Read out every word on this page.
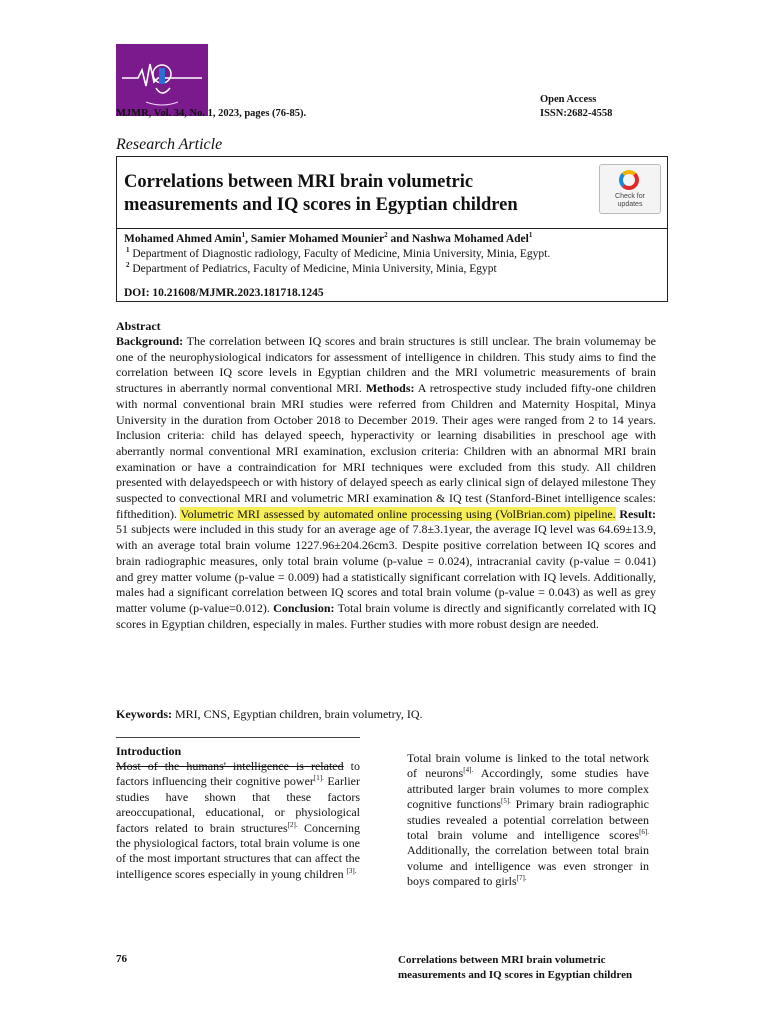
MJMR, Vol. 34, No. 1, 2023, pages (76-85).
Open Access
ISSN:2682-4558
Research Article
Correlations between MRI brain volumetric measurements and IQ scores in Egyptian children	Check for
updates
Mohamed Ahmed Amin$^1$, Samier Mohamed Mounier$^2$ and Nashwa Mohamed Adel$^1$
$^1$ Department of Diagnostic radiology, Faculty of Medicine, Minia University, Minia, Egypt.
$^2$ Department of Pediatrics, Faculty of Medicine, Minia University, Minia, Egypt
DOI: 10.21608/MJMR.2023.181718.1245
Abstract
Background: The correlation between IQ scores and brain structures is still unclear. The brain volumemay be one of the neurophysiological indicators for assessment of intelligence in children. This study aims to find the correlation between IQ score levels in Egyptian children and the MRI volumetric measurements of brain structures in aberrantly normal conventional MRI. Methods: A retrospective study included fifty-one children with normal conventional brain MRI studies were referred from Children and Maternity Hospital, Minya University in the duration from October 2018 to December 2019. Their ages were ranged from 2 to 14 years. Inclusion criteria: child has delayed speech, hyperactivity or learning disabilities in preschool age with aberrantly normal conventional MRI examination, exclusion criteria: Children with an abnormal MRI brain examination or have a contraindication for MRI techniques were excluded from this study. All children presented with delayedspeech or with history of delayed speech as early clinical sign of delayed milestone They suspected to convectional MRI and volumetric MRI examination & IQ test (Stanford-Binet intelligence scales: fifthedition). Volumetric MRI assessed by automated online processing using (VolBrian.com) pipeline. Result: 51 subjects were included in this study for an average age of 7.8±3.1year, the average IQ level was 64.69±13.9, with an average total brain volume 1227.96±204.26cm3. Despite positive correlation between IQ scores and brain radiographic measures, only total brain volume (p-value = 0.024), intracranial cavity (p-value = 0.041) and grey matter volume (p-value = 0.009) had a statistically significant correlation with IQ levels. Additionally, males had a significant correlation between IQ scores and total brain volume (p-value = 0.043) as well as grey matter volume (p-value=0.012). Conclusion: Total brain volume is directly and significantly correlated with IQ scores in Egyptian children, especially in males. Further studies with more robust design are needed.
Keywords: MRI, CNS, Egyptian children, brain volumetry, IQ.
Introduction
Most of the humans' intelligence is related to factors influencing their cognitive power$^{[1].}$ Earlier studies have shown that these factors areoccupational, educational, or physiological factors related to brain structures$^{[2].}$ Concerning the physiological factors, total brain volume is one of the most important structures that can affect the intelligence scores especially in young children $^{[3].}$
Total brain volume is linked to the total network of neurons$^{[4].}$ Accordingly, some studies have attributed larger brain volumes to more complex cognitive functions$^{[5].}$ Primary brain radiographic studies revealed a potential correlation between total brain volume and intelligence scores$^{[6].}$ Additionally, the correlation between total brain volume and intelligence was even stronger in boys compared to girls$^{[7].}$
76	Correlations between MRI brain volumetric
measurements and IQ scores in Egyptian children
